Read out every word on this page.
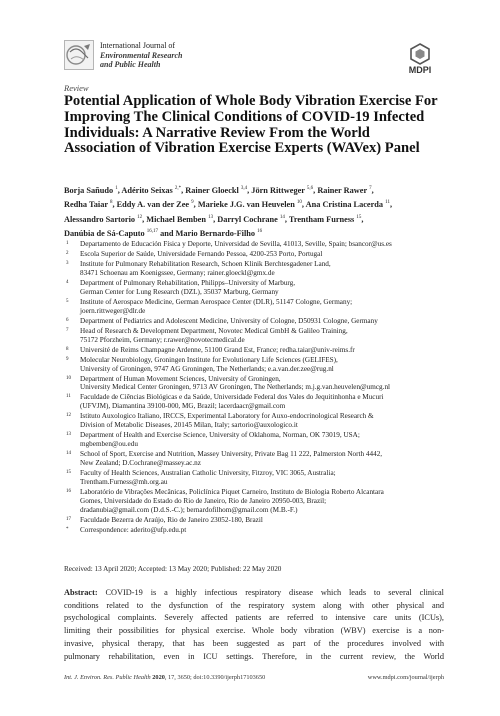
International Journal of
Environmental Research
and Public Health
MDPI
Review
Potential Application of Whole Body Vibration Exercise For Improving The Clinical Conditions of COVID-19 Infected Individuals: A Narrative Review From the World Association of Vibration Exercise Experts (WAVex) Panel
Borja Sañudo $^1$, Adérito Seixas $^{2,*}$, Rainer Gloeckl $^{3,4}$, Jörn Rittweger $^{5,6}$, Rainer Rawer $^7$,
Redha Taiar $^8$, Eddy A. van der Zee $^9$, Marieke J.G. van Heuvelen $^{10}$, Ana Cristina Lacerda $^{11}$,
Alessandro Sartorio $^{12}$, Michael Bemben $^{13}$, Darryl Cochrane $^{14}$, Trentham Furness $^{15}$,
Danúbia de Sá-Caputo $^{16,17}$ and Mario Bernardo-Filho $^{16}$
1 Departamento de Educación Física y Deporte, Universidad de Sevilla, 41013, Seville, Spain; bsancor@us.es
2 Escola Superior de Saúde, Universidade Fernando Pessoa, 4200-253 Porto, Portugal
3 Institute for Pulmonary Rehabilitation Research, Schoen Klinik Berchtesgadener Land,
83471 Schoenau am Koenigssee, Germany; rainer.gloeckl@gmx.de
4 Department of Pulmonary Rehabilitation, Philipps–University of Marburg,
German Center for Lung Research (DZL), 35037 Marburg, Germany
5 Institute of Aerospace Medicine, German Aerospace Center (DLR), 51147 Cologne, Germany;
joern.rittweger@dlr.de
6 Department of Pediatrics and Adolescent Medicine, University of Cologne, D50931 Cologne, Germany
7 Head of Research & Development Department, Novotec Medical GmbH & Galileo Training,
75172 Pforzheim, Germany; r.rawer@novotecmedical.de
8 Université de Reims Champagne Ardenne, 51100 Grand Est, France; redha.taiar@univ-reims.fr
9 Molecular Neurobiology, Groningen Institute for Evolutionary Life Sciences (GELIFES),
University of Groningen, 9747 AG Groningen, The Netherlands; e.a.van.der.zee@rug.nl
10 Department of Human Movement Sciences, University of Groningen,
University Medical Center Groningen, 9713 AV Groningen, The Netherlands; m.j.g.van.heuvelen@umcg.nl
11 Faculdade de Ciências Biológicas e da Saúde, Universidade Federal dos Vales do Jequitinhonha e Mucuri
(UFVJM), Diamantina 39100-000, MG, Brazil; lacerdaacr@gmail.com
12 Istituto Auxologico Italiano, IRCCS, Experimental Laboratory for Auxo-endocrinological Research &
Division of Metabolic Diseases, 20145 Milan, Italy; sartorio@auxologico.it
13 Department of Health and Exercise Science, University of Oklahoma, Norman, OK 73019, USA;
mgbemben@ou.edu
14 School of Sport, Exercise and Nutrition, Massey University, Private Bag 11 222, Palmerston North 4442,
New Zealand; D.Cochrane@massey.ac.nz
15 Faculty of Health Sciences, Australian Catholic University, Fitzroy, VIC 3065, Australia;
Trentham.Furness@mh.org.au
16 Laboratório de Vibrações Mecânicas, Policlínica Piquet Carneiro, Instituto de Biologia Roberto Alcantara
Gomes, Universidade do Estado do Rio de Janeiro, Rio de Janeiro 20950-003, Brazil;
dradanubia@gmail.com (D.d.S.-C.); bernardofilhom@gmail.com (M.B.-F.)
17 Faculdade Bezerra de Araújo, Rio de Janeiro 23052-180, Brazil
* Correspondence: aderito@ufp.edu.pt
Received: 13 April 2020; Accepted: 13 May 2020; Published: 22 May 2020
Abstract: COVID-19 is a highly infectious respiratory disease which leads to several clinical
conditions related to the dysfunction of the respiratory system along with other physical and
psychological complaints. Severely affected patients are referred to intensive care units (ICUs),
limiting their possibilities for physical exercise. Whole body vibration (WBV) exercise is a non-
invasive, physical therapy, that has been suggested as part of the procedures involved with
pulmonary rehabilitation, even in ICU settings. Therefore, in the current review, the World
Int. J. Environ. Res. Public Health 2020, 17, 3650; doi:10.3390/ijerph17103650	www.mdpi.com/journal/ijerph
